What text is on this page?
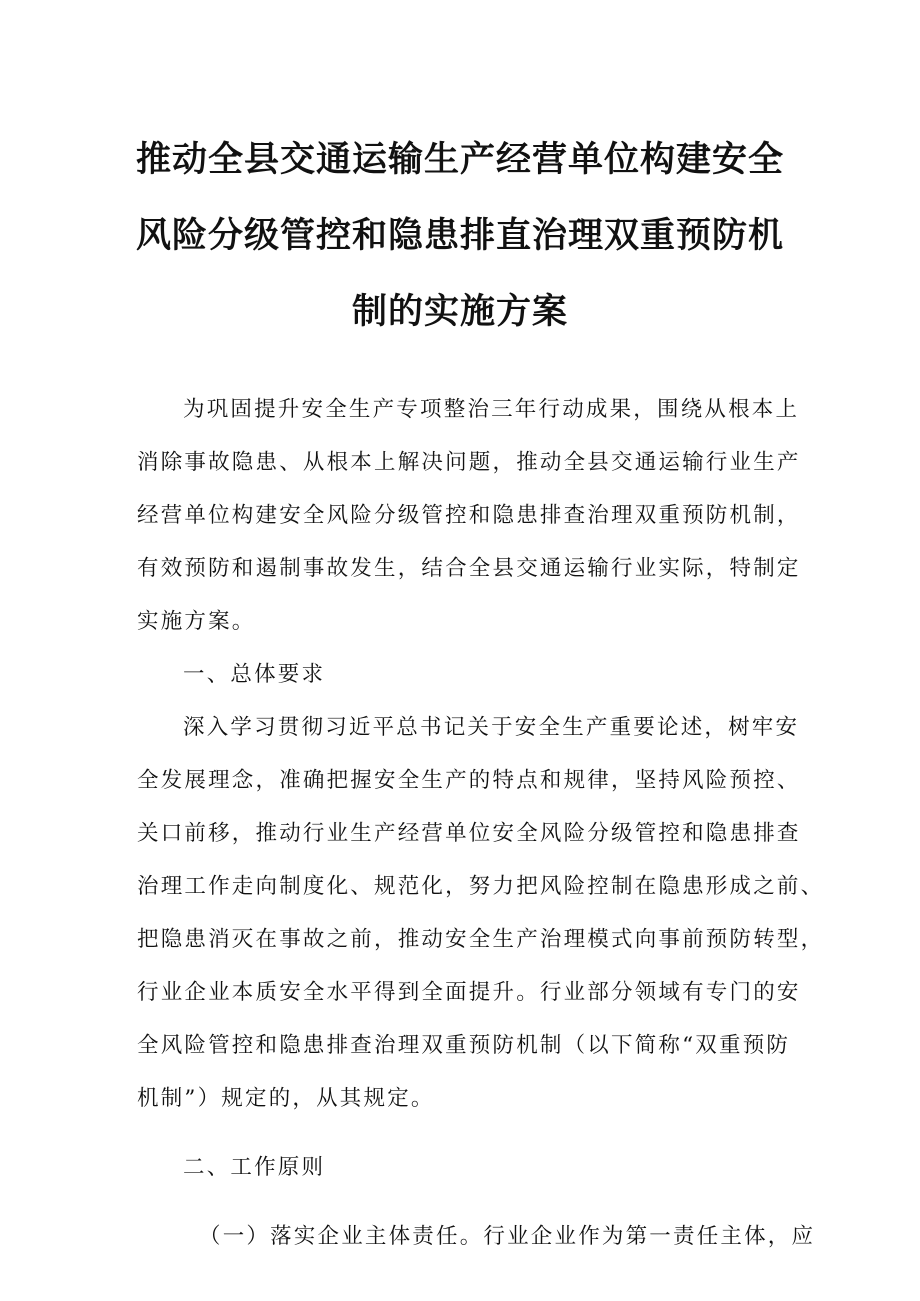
推动全县交通运输生产经营单位构建安全
风险分级管控和隐患排直治理双重预防机
制的实施方案
为巩固提升安全生产专项整治三年行动成果，围绕从根本上
消除事故隐患、从根本上解决问题，推动全县交通运输行业生产
经营单位构建安全风险分级管控和隐患排查治理双重预防机制，
有效预防和遏制事故发生，结合全县交通运输行业实际，特制定
实施方案。
一、总体要求
深入学习贯彻习近平总书记关于安全生产重要论述，树牢安
全发展理念，准确把握安全生产的特点和规律，坚持风险预控、
关口前移，推动行业生产经营单位安全风险分级管控和隐患排查
治理工作走向制度化、规范化，努力把风险控制在隐患形成之前、
把隐患消灭在事故之前，推动安全生产治理模式向事前预防转型，
行业企业本质安全水平得到全面提升。行业部分领域有专门的安
全风险管控和隐患排查治理双重预防机制（以下简称“双重预防
机制”）规定的，从其规定。
二、工作原则
（一）落实企业主体责任。行业企业作为第一责任主体，应
